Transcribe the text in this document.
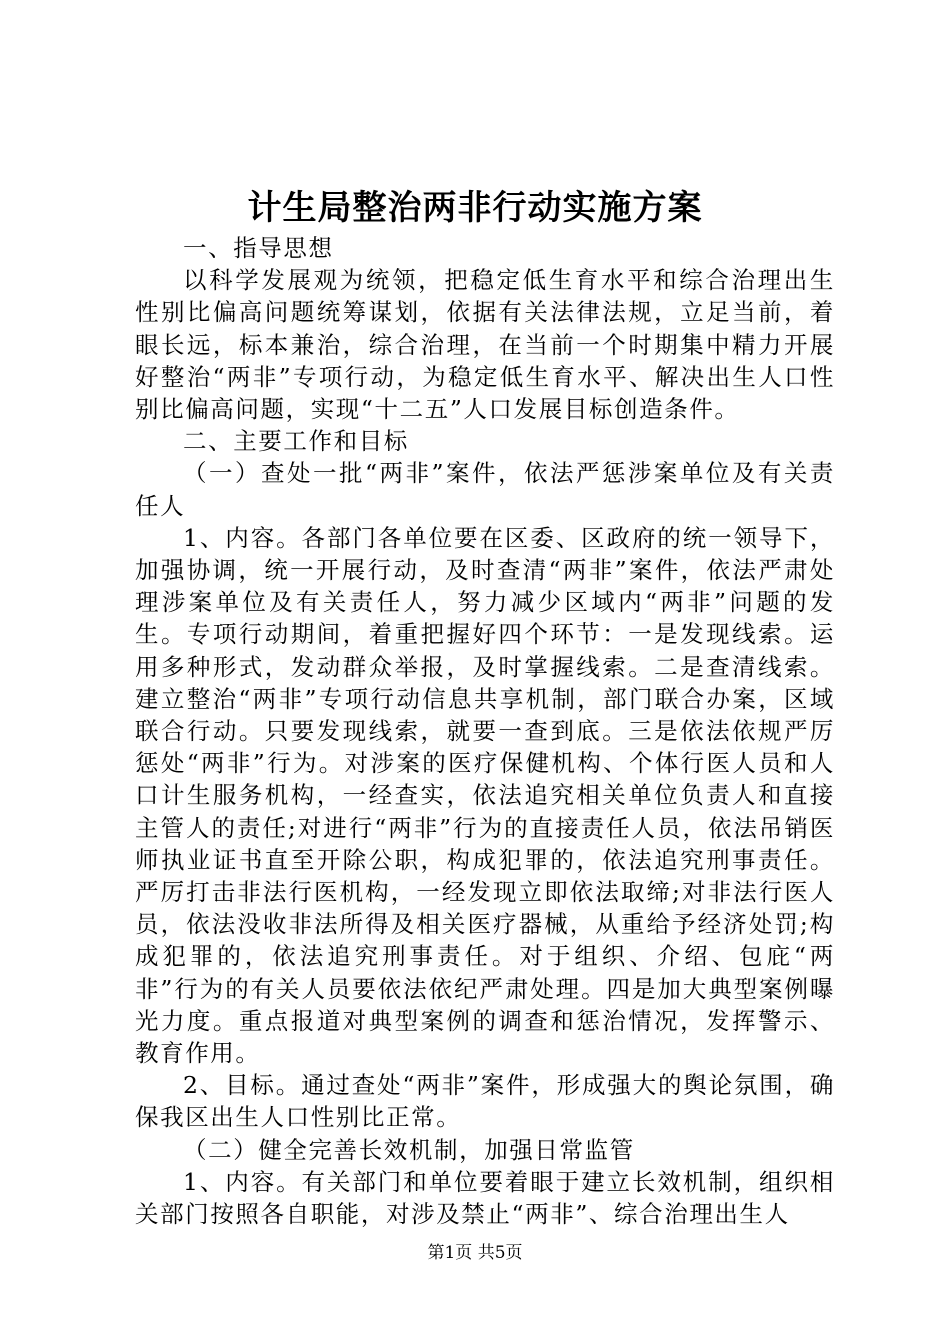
计生局整治两非行动实施方案

一、指导思想

以科学发展观为统领，把稳定低生育水平和综合治理出生性别比偏高问题统筹谋划，依据有关法律法规，立足当前，着眼长远，标本兼治，综合治理，在当前一个时期集中精力开展好整治“两非”专项行动，为稳定低生育水平、解决出生人口性别比偏高问题，实现“十二五”人口发展目标创造条件。

二、主要工作和目标

（一）查处一批“两非”案件，依法严惩涉案单位及有关责任人

1、内容。各部门各单位要在区委、区政府的统一领导下，加强协调，统一开展行动，及时查清“两非”案件，依法严肃处理涉案单位及有关责任人，努力减少区域内“两非”问题的发生。专项行动期间，着重把握好四个环节：一是发现线索。运用多种形式，发动群众举报，及时掌握线索。二是查清线索。建立整治“两非”专项行动信息共享机制，部门联合办案，区域联合行动。只要发现线索，就要一查到底。三是依法依规严厉惩处“两非”行为。对涉案的医疗保健机构、个体行医人员和人口计生服务机构，一经查实，依法追究相关单位负责人和直接主管人的责任;对进行“两非”行为的直接责任人员，依法吊销医师执业证书直至开除公职，构成犯罪的，依法追究刑事责任。严厉打击非法行医机构，一经发现立即依法取缔;对非法行医人员，依法没收非法所得及相关医疗器械，从重给予经济处罚;构成犯罪的，依法追究刑事责任。对于组织、介绍、包庇“两非”行为的有关人员要依法依纪严肃处理。四是加大典型案例曝光力度。重点报道对典型案例的调查和惩治情况，发挥警示、教育作用。

2、目标。通过查处“两非”案件，形成强大的舆论氛围，确保我区出生人口性别比正常。

（二）健全完善长效机制，加强日常监管

1、内容。有关部门和单位要着眼于建立长效机制，组织相关部门按照各自职能，对涉及禁止“两非”、综合治理出生人

第1页 共5页
